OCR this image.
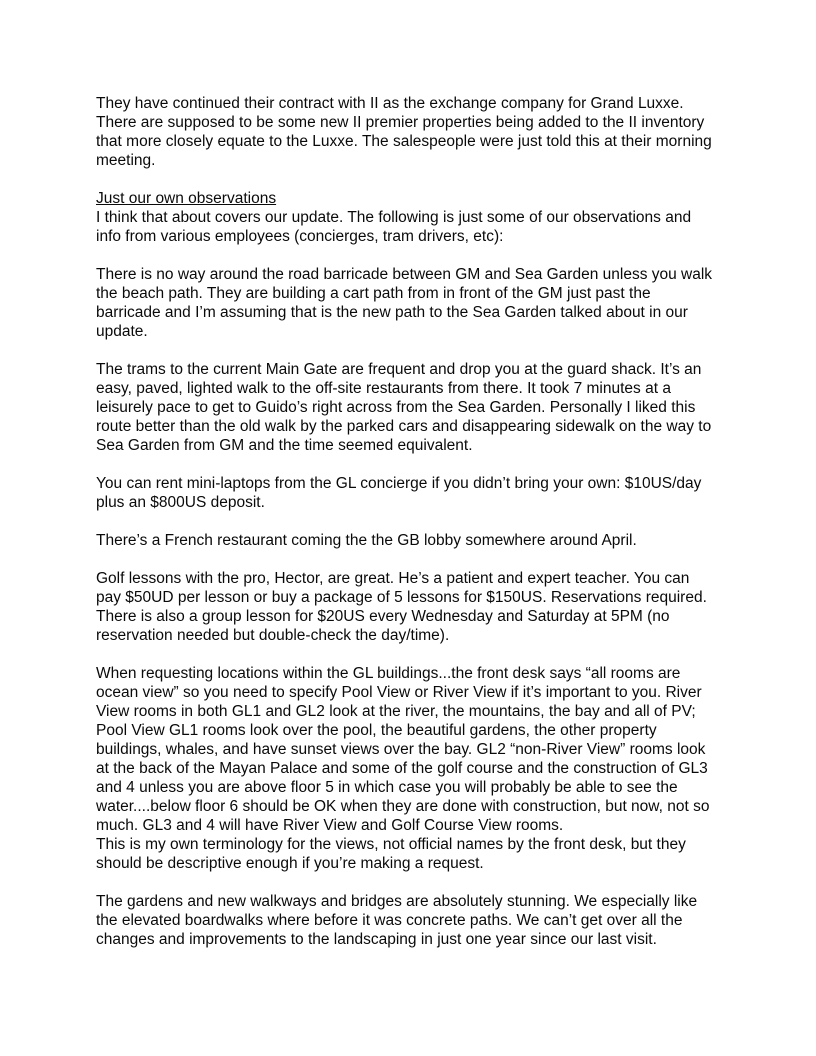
They have continued their contract with II as the exchange company for Grand Luxxe. There are supposed to be some new II premier properties being added to the II inventory that more closely equate to the Luxxe. The salespeople were just told this at their morning meeting.
Just our own observations
I think that about covers our update. The following is just some of our observations and info from various employees (concierges, tram drivers, etc):
There is no way around the road barricade between GM and Sea Garden unless you walk the beach path. They are building a cart path from in front of the GM just past the barricade and I’m assuming that is the new path to the Sea Garden talked about in our update.
The trams to the current Main Gate are frequent and drop you at the guard shack. It’s an easy, paved, lighted walk to the off-site restaurants from there. It took 7 minutes at a leisurely pace to get to Guido’s right across from the Sea Garden. Personally I liked this route better than the old walk by the parked cars and disappearing sidewalk on the way to Sea Garden from GM and the time seemed equivalent.
You can rent mini-laptops from the GL concierge if you didn’t bring your own: $10US/day plus an $800US deposit.
There’s a French restaurant coming the the GB lobby somewhere around April.
Golf lessons with the pro, Hector, are great. He’s a patient and expert teacher. You can pay $50UD per lesson or buy a package of 5 lessons for $150US. Reservations required. There is also a group lesson for $20US every Wednesday and Saturday at 5PM (no reservation needed but double-check the day/time).
When requesting locations within the GL buildings...the front desk says “all rooms are ocean view” so you need to specify Pool View or River View if it’s important to you. River View rooms in both GL1 and GL2 look at the river, the mountains, the bay and all of PV; Pool View GL1 rooms look over the pool, the beautiful gardens, the other property buildings, whales, and have sunset views over the bay. GL2 “non-River View” rooms look at the back of the Mayan Palace and some of the golf course and the construction of GL3 and 4 unless you are above floor 5 in which case you will probably be able to see the water....below floor 6 should be OK when they are done with construction, but now, not so much. GL3 and 4 will have River View and Golf Course View rooms.
This is my own terminology for the views, not official names by the front desk, but they should be descriptive enough if you’re making a request.
The gardens and new walkways and bridges are absolutely stunning. We especially like the elevated boardwalks where before it was concrete paths. We can’t get over all the changes and improvements to the landscaping in just one year since our last visit.
